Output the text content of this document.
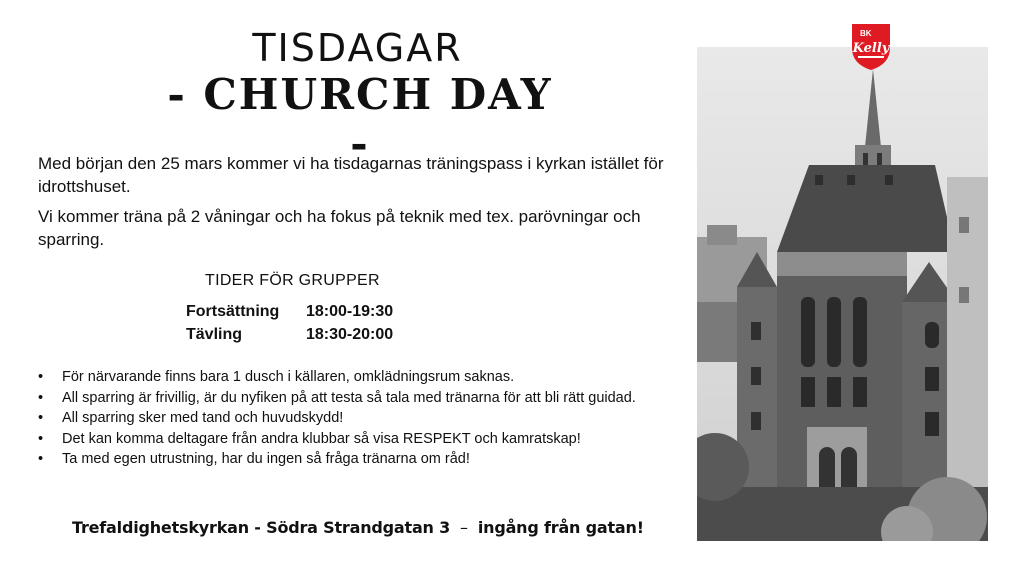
TISDAGAR
- CHURCH DAY -

Med början den 25 mars kommer vi ha tisdagarnas träningspass i kyrkan istället för idrottshuset.

Vi kommer träna på 2 våningar och ha fokus på teknik med tex. parövningar och sparring.

TIDER FÖR GRUPPER
Fortsättning	18:00-19:30
Tävling	18:30-20:00
• För närvarande finns bara 1 dusch i källaren, omklädningsrum saknas.
• All sparring är frivillig, är du nyfiken på att testa så tala med tränarna för att bli rätt guidad.
• All sparring sker med tand och huvudskydd!
• Det kan komma deltagare från andra klubbar så visa RESPEKT och kamratskap!
• Ta med egen utrustning, har du ingen så fråga tränarna om råd!
Trefaldighetskyrkan - Södra Strandgatan 3 – ingång från gatan!
BK
Kelly
